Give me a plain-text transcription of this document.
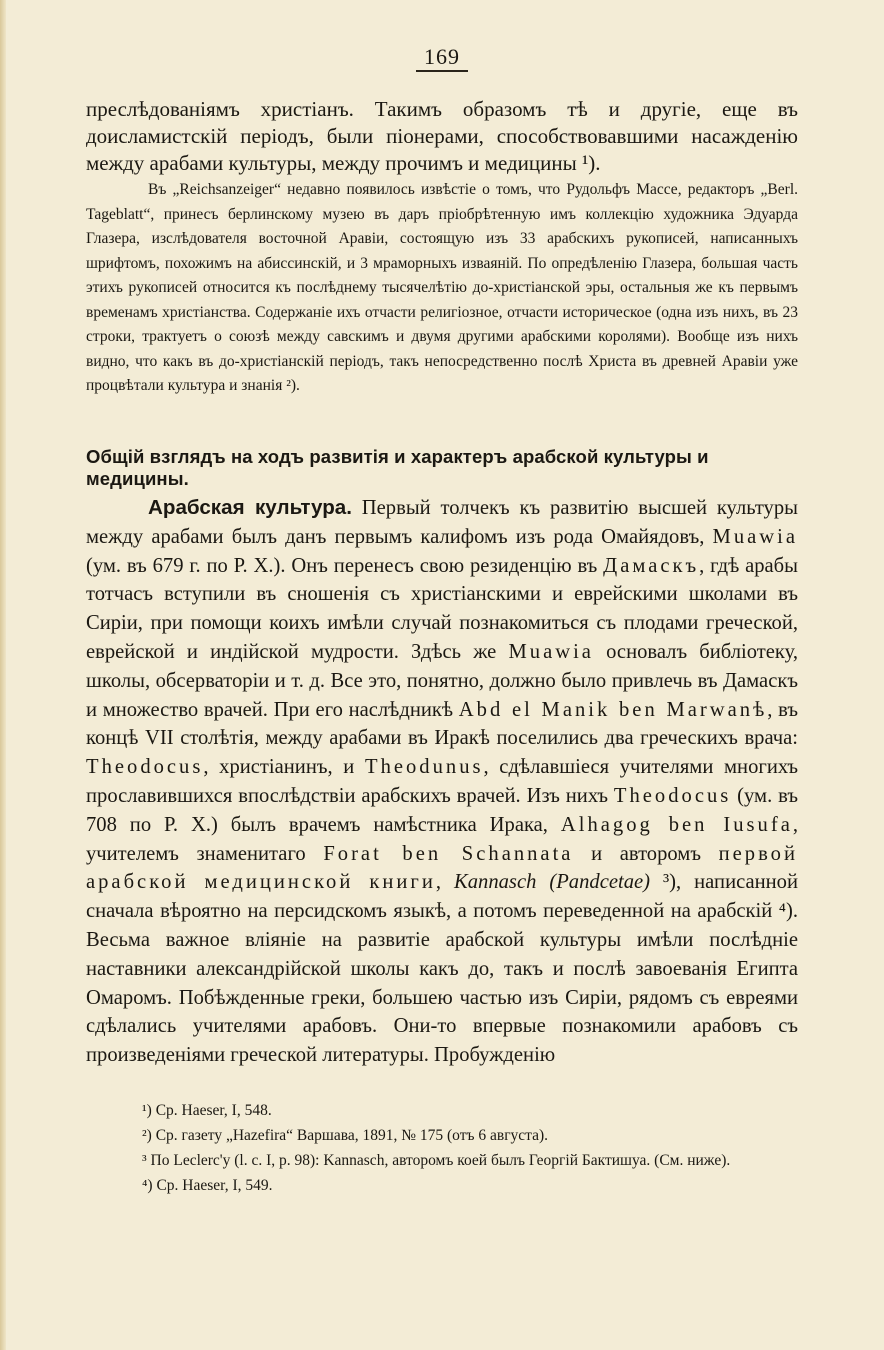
169

преслѣдованіямъ христіанъ. Такимъ образомъ тѣ и другіе, еще въ доисламистскій періодъ, были піонерами, способствовавшими насажденію между арабами культуры, между прочимъ и медицины ¹).

Въ „Reichsanzeiger“ недавно появилось извѣстіе о томъ, что Рудольфъ Массе, редакторъ „Berl. Tageblatt“, принесъ берлинскому музею въ даръ пріобрѣтенную имъ коллекцію художника Эдуарда Глазера, изслѣдователя восточной Аравіи, состоящую изъ 33 арабскихъ рукописей, написанныхъ шрифтомъ, похожимъ на абиссинскій, и 3 мраморныхъ изваяній. По опредѣленію Глазера, большая часть этихъ рукописей относится къ послѣднему тысячелѣтію до-христіанской эры, остальныя же къ первымъ временамъ христіанства. Содержаніе ихъ отчасти религіозное, отчасти историческое (одна изъ нихъ, въ 23 строки, трактуетъ о союзѣ между савскимъ и двумя другими арабскими королями). Вообще изъ нихъ видно, что какъ въ до-христіанскій періодъ, такъ непосредственно послѣ Христа въ древней Аравіи уже процвѣтали культура и знанія ²).
Общій взглядъ на ходъ развитія и характеръ арабской культуры и медицины.
Арабская культура. Первый толчекъ къ развитію высшей культуры между арабами былъ данъ первымъ калифомъ изъ рода Омайядовъ, Muawia (ум. въ 679 г. по Р. Х.). Онъ перенесъ свою резиденцію въ Дамаскъ, гдѣ арабы тотчасъ вступили въ сношенія съ христіанскими и еврейскими школами въ Сиріи, при помощи коихъ имѣли случай познакомиться съ плодами греческой, еврейской и индійской мудрости. Здѣсь же Muawia основалъ библіотеку, школы, обсерваторіи и т. д. Все это, понятно, должно было привлечь въ Дамаскъ и множество врачей. При его наслѣдникѣ Abd el Manik ben Marwanѣ, въ концѣ VII столѣтія, между арабами въ Иракѣ поселились два греческихъ врача: Theodocus, христіанинъ, и Theodunus, сдѣлавшіеся учителями многихъ прославившихся впослѣдствіи арабскихъ врачей. Изъ нихъ Theodocus (ум. въ 708 по Р. Х.) былъ врачемъ намѣстника Ирака, Alhagog ben Iusufa, учителемъ знаменитаго Forat ben Schannata и авторомъ первой арабской медицинской книги, Kannasch (Pandcetae) ³), написанной сначала вѣроятно на персидскомъ языкѣ, а потомъ переведенной на арабскій ⁴). Весьма важное вліяніе на развитіе арабской культуры имѣли послѣдніе наставники александрійской школы какъ до, такъ и послѣ завоеванія Египта Омаромъ. Побѣжденные греки, большею частью изъ Сиріи, рядомъ съ евреями сдѣлались учителями арабовъ. Они-то впервые познакомили арабовъ съ произведеніями греческой литературы. Пробужденію
¹) Ср. Haeser, I, 548.
²) Ср. газету „Hazefira“ Варшава, 1891, № 175 (отъ 6 августа).
³ По Leclerc'у (l. c. I, p. 98): Kannasch, авторомъ коей былъ Георгій Бактишуа. (См. ниже).
⁴) Ср. Haeser, I, 549.
